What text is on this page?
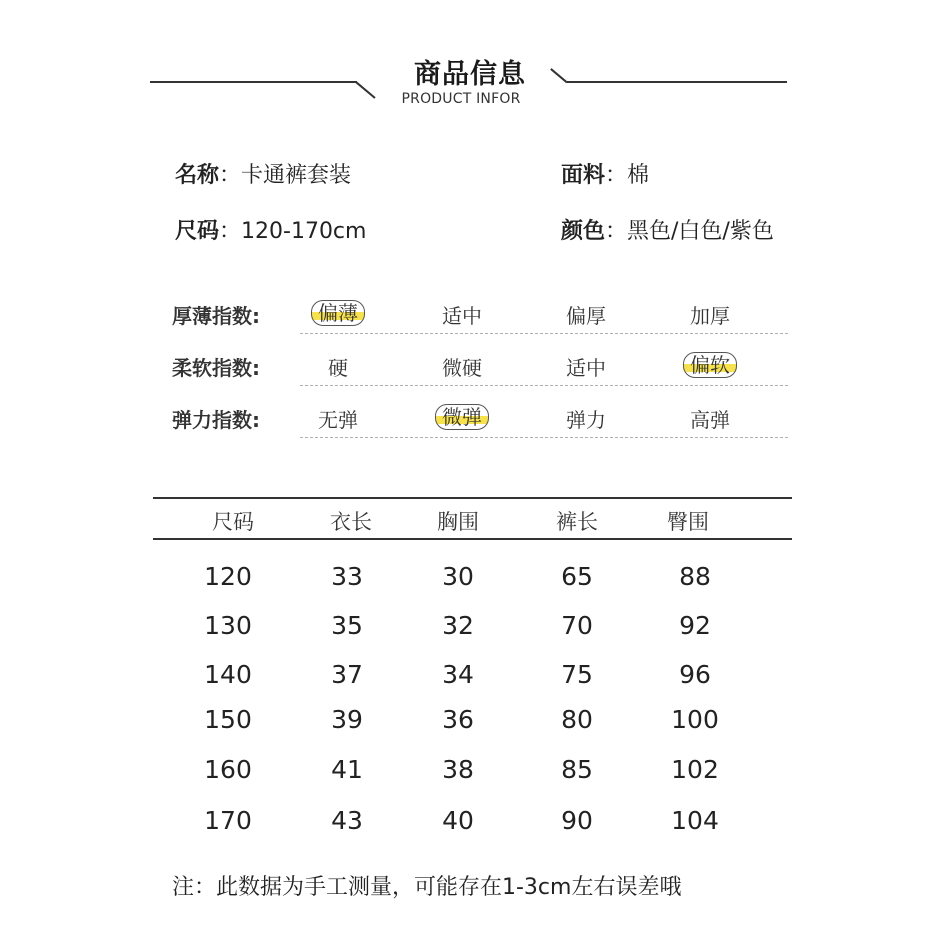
商品信息
PRODUCT INFOR
名称：卡通裤套装	面料：棉
尺码：120-170cm	颜色：黑色/白色/紫色
厚薄指数:	偏薄	适中	偏厚	加厚
柔软指数:	硬	微硬	适中	偏软
弹力指数:	无弹	微弹	弹力	高弹
尺码	衣长	胸围	裤长	臀围
120	33	30	65	88
130	35	32	70	92
140	37	34	75	96
150	39	36	80	100
160	41	38	85	102
170	43	40	90	104
注：此数据为手工测量，可能存在1-3cm左右误差哦
